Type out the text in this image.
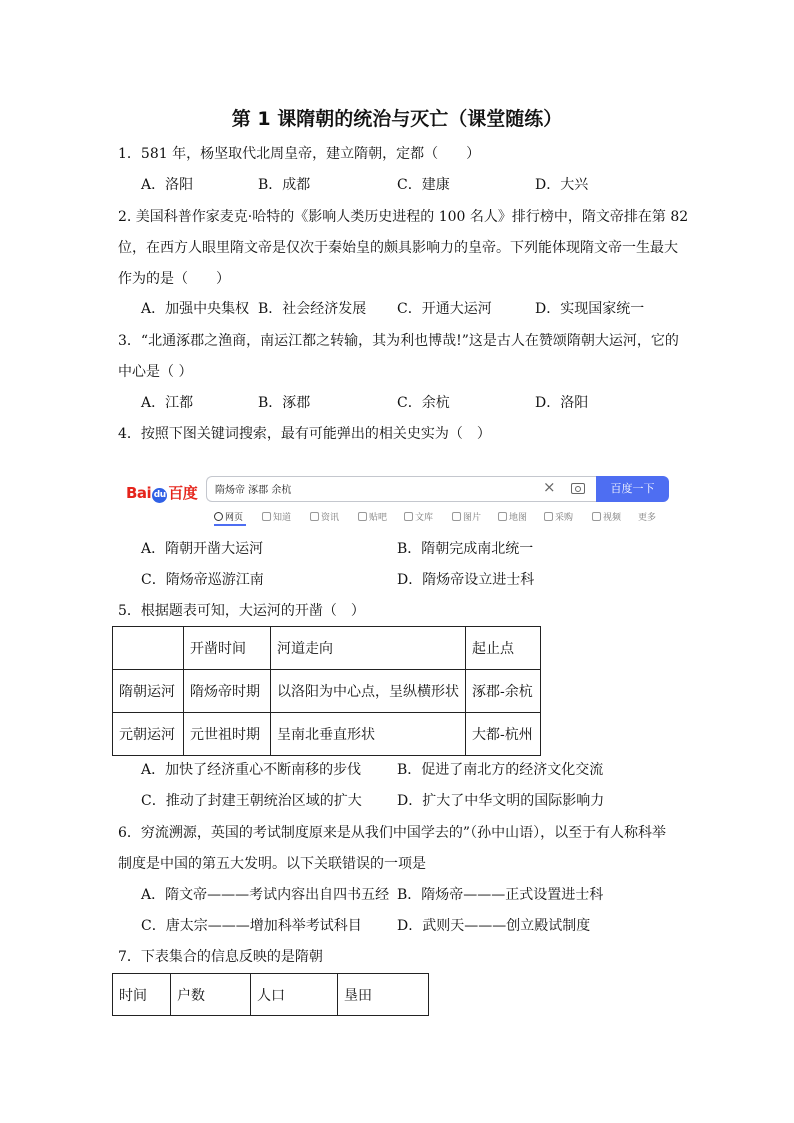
第 1 课隋朝的统治与灭亡（课堂随练）
1．581 年，杨坚取代北周皇帝，建立隋朝，定都（　　）
A．洛阳	B．成都	C．建康	D．大兴
2. 美国科普作家麦克·哈特的《影响人类历史进程的 100 名人》排行榜中，隋文帝排在第 82
位，在西方人眼里隋文帝是仅次于秦始皇的颇具影响力的皇帝。下列能体现隋文帝一生最大
作为的是（　　）
A．加强中央集权 B．社会经济发展 C．开通大运河	D．实现国家统一
3．“北通涿郡之渔商，南运江都之转输，其为利也博哉!”这是古人在赞颂隋朝大运河，它的
中心是（ ）
A．江都	B．涿郡	C．余杭	D．洛阳
4．按照下图关键词搜索，最有可能弹出的相关史实为（　）
Bai du 百度 隋炀帝 涿郡 余杭	×	百度一下
网页	知道	资讯	贴吧	文库	图片	地图	采购	视频 更多
A．隋朝开凿大运河	B．隋朝完成南北统一
C．隋炀帝巡游江南	D．隋炀帝设立进士科
5．根据题表可知，大运河的开凿（　）
	开凿时间	河道走向	起止点
隋朝运河	隋炀帝时期	以洛阳为中心点，呈纵横形状	涿郡-余杭
元朝运河	元世祖时期	呈南北垂直形状	大都-杭州
A．加快了经济重心不断南移的步伐	B．促进了南北方的经济文化交流
C．推动了封建王朝统治区域的扩大	D．扩大了中华文明的国际影响力
6．穷流溯源，英国的考试制度原来是从我们中国学去的”（孙中山语），以至于有人称科举
制度是中国的第五大发明。以下关联错误的一项是
A．隋文帝———考试内容出自四书五经 B．隋炀帝———正式设置进士科
C．唐太宗———增加科举考试科目	D．武则天———创立殿试制度
7．下表集合的信息反映的是隋朝
时间	户数	人口	垦田
